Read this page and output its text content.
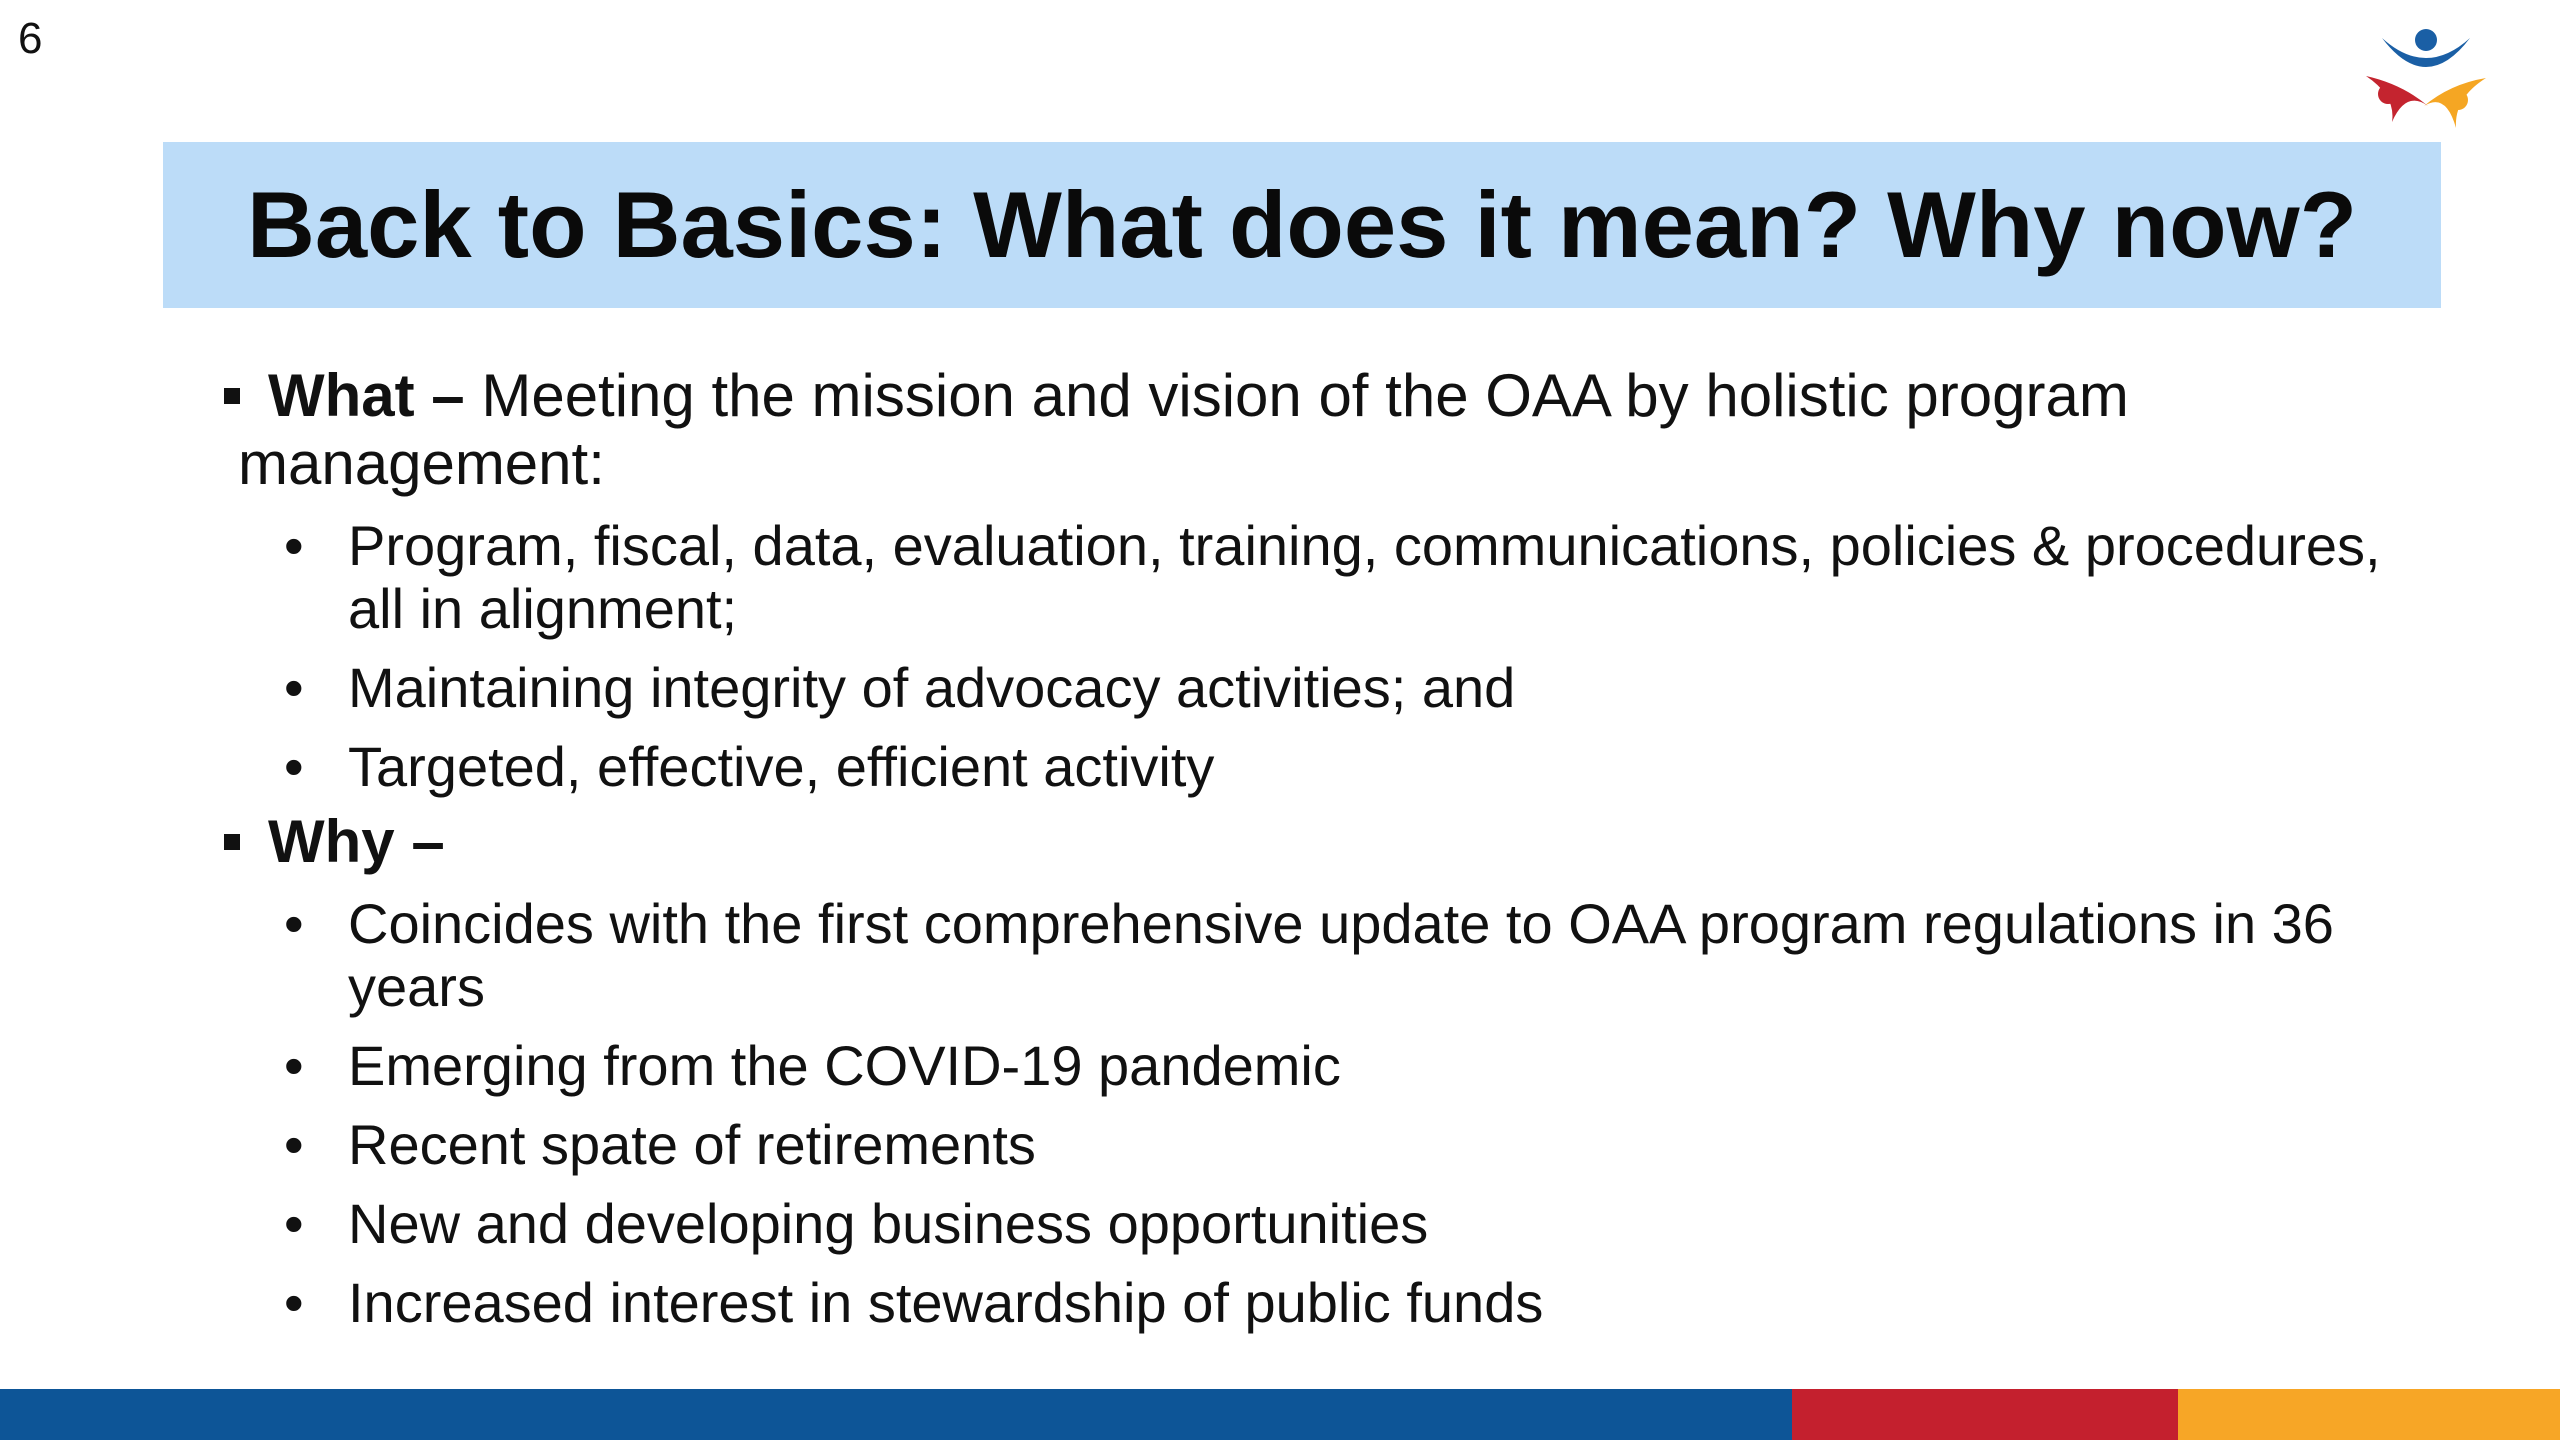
6
Back to Basics: What does it mean? Why now?
What – Meeting the mission and vision of the OAA by holistic program management:
• Program, fiscal, data, evaluation, training, communications, policies & procedures, all in alignment;
• Maintaining integrity of advocacy activities; and
• Targeted, effective, efficient activity
Why –
• Coincides with the first comprehensive update to OAA program regulations in 36 years
• Emerging from the COVID-19 pandemic
• Recent spate of retirements
• New and developing business opportunities
• Increased interest in stewardship of public funds
